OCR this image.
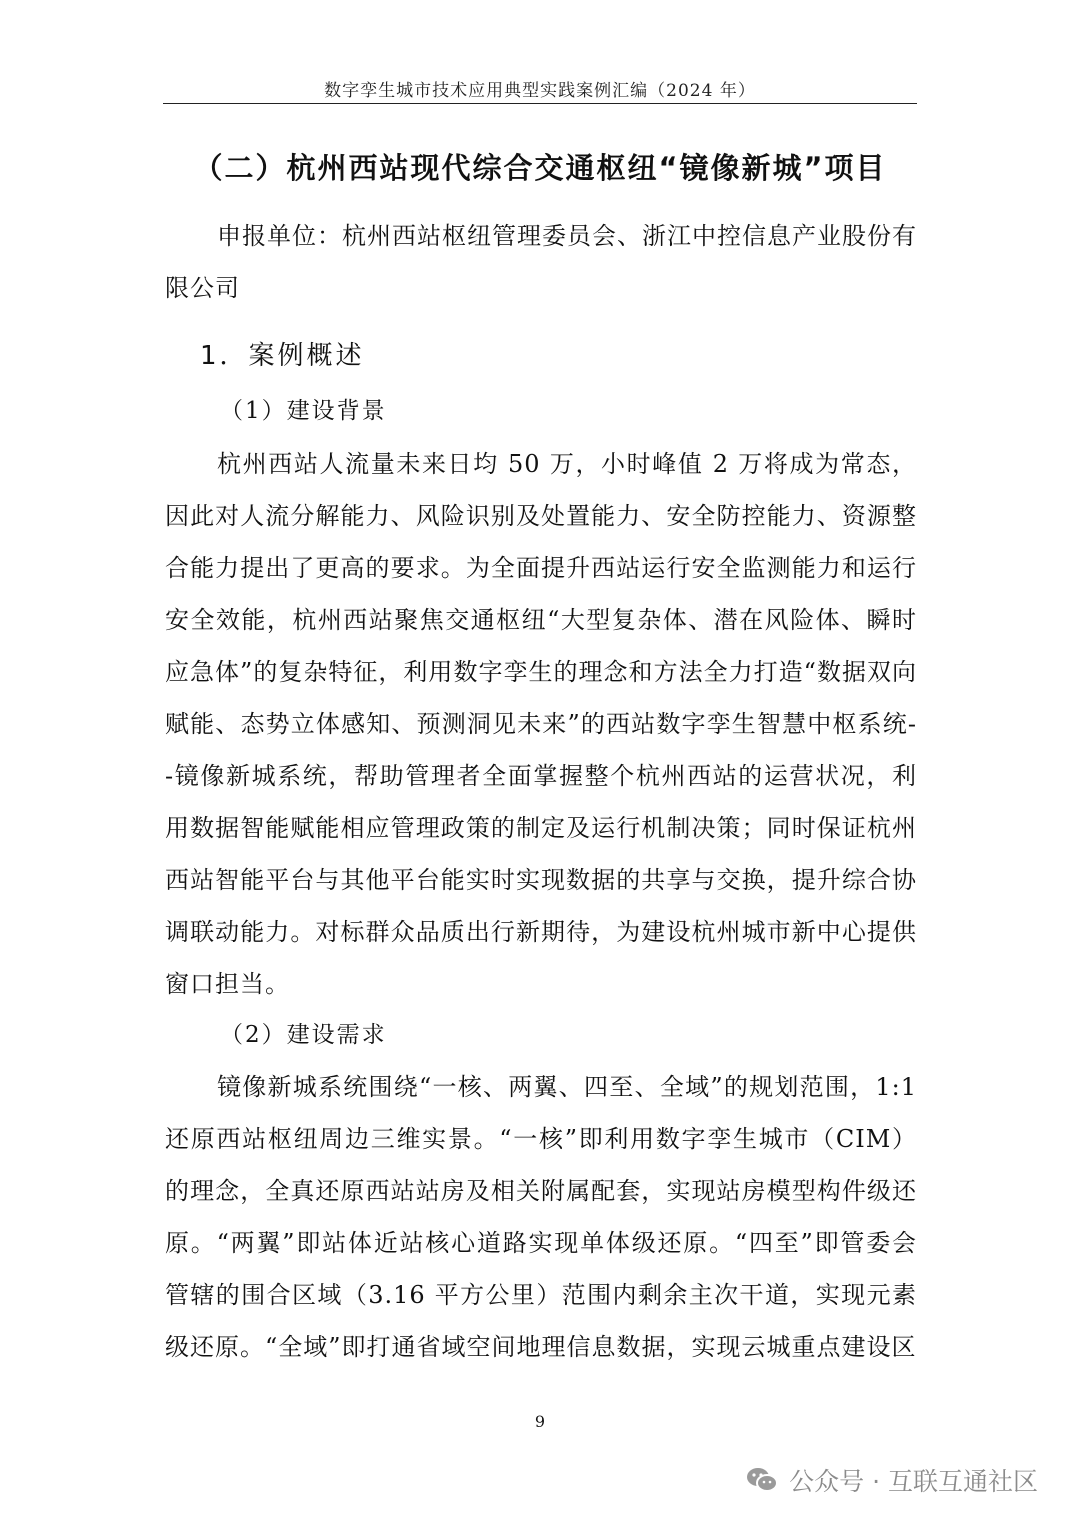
数字孪生城市技术应用典型实践案例汇编（2024 年）
（二）杭州西站现代综合交通枢纽“镜像新城”项目

申报单位：杭州西站枢纽管理委员会、浙江中控信息产业股份有限公司

1．案例概述
（1）建设背景

杭州西站人流量未来日均 50 万，小时峰值 2 万将成为常态，因此对人流分解能力、风险识别及处置能力、安全防控能力、资源整合能力提出了更高的要求。为全面提升西站运行安全监测能力和运行安全效能，杭州西站聚焦交通枢纽“大型复杂体、潜在风险体、瞬时应急体”的复杂特征，利用数字孪生的理念和方法全力打造“数据双向赋能、态势立体感知、预测洞见未来”的西站数字孪生智慧中枢系统--镜像新城系统，帮助管理者全面掌握整个杭州西站的运营状况，利用数据智能赋能相应管理政策的制定及运行机制决策；同时保证杭州西站智能平台与其他平台能实时实现数据的共享与交换，提升综合协调联动能力。对标群众品质出行新期待，为建设杭州城市新中心提供窗口担当。

（2）建设需求

镜像新城系统围绕“一核、两翼、四至、全域”的规划范围，1:1 还原西站枢纽周边三维实景。“一核”即利用数字孪生城市（CIM）的理念，全真还原西站站房及相关附属配套，实现站房模型构件级还原。“两翼”即站体近站核心道路实现单体级还原。“四至”即管委会管辖的围合区域（3.16 平方公里）范围内剩余主次干道，实现元素级还原。“全域”即打通省域空间地理信息数据，实现云城重点建设区

9
公众号 · 互联互通社区
